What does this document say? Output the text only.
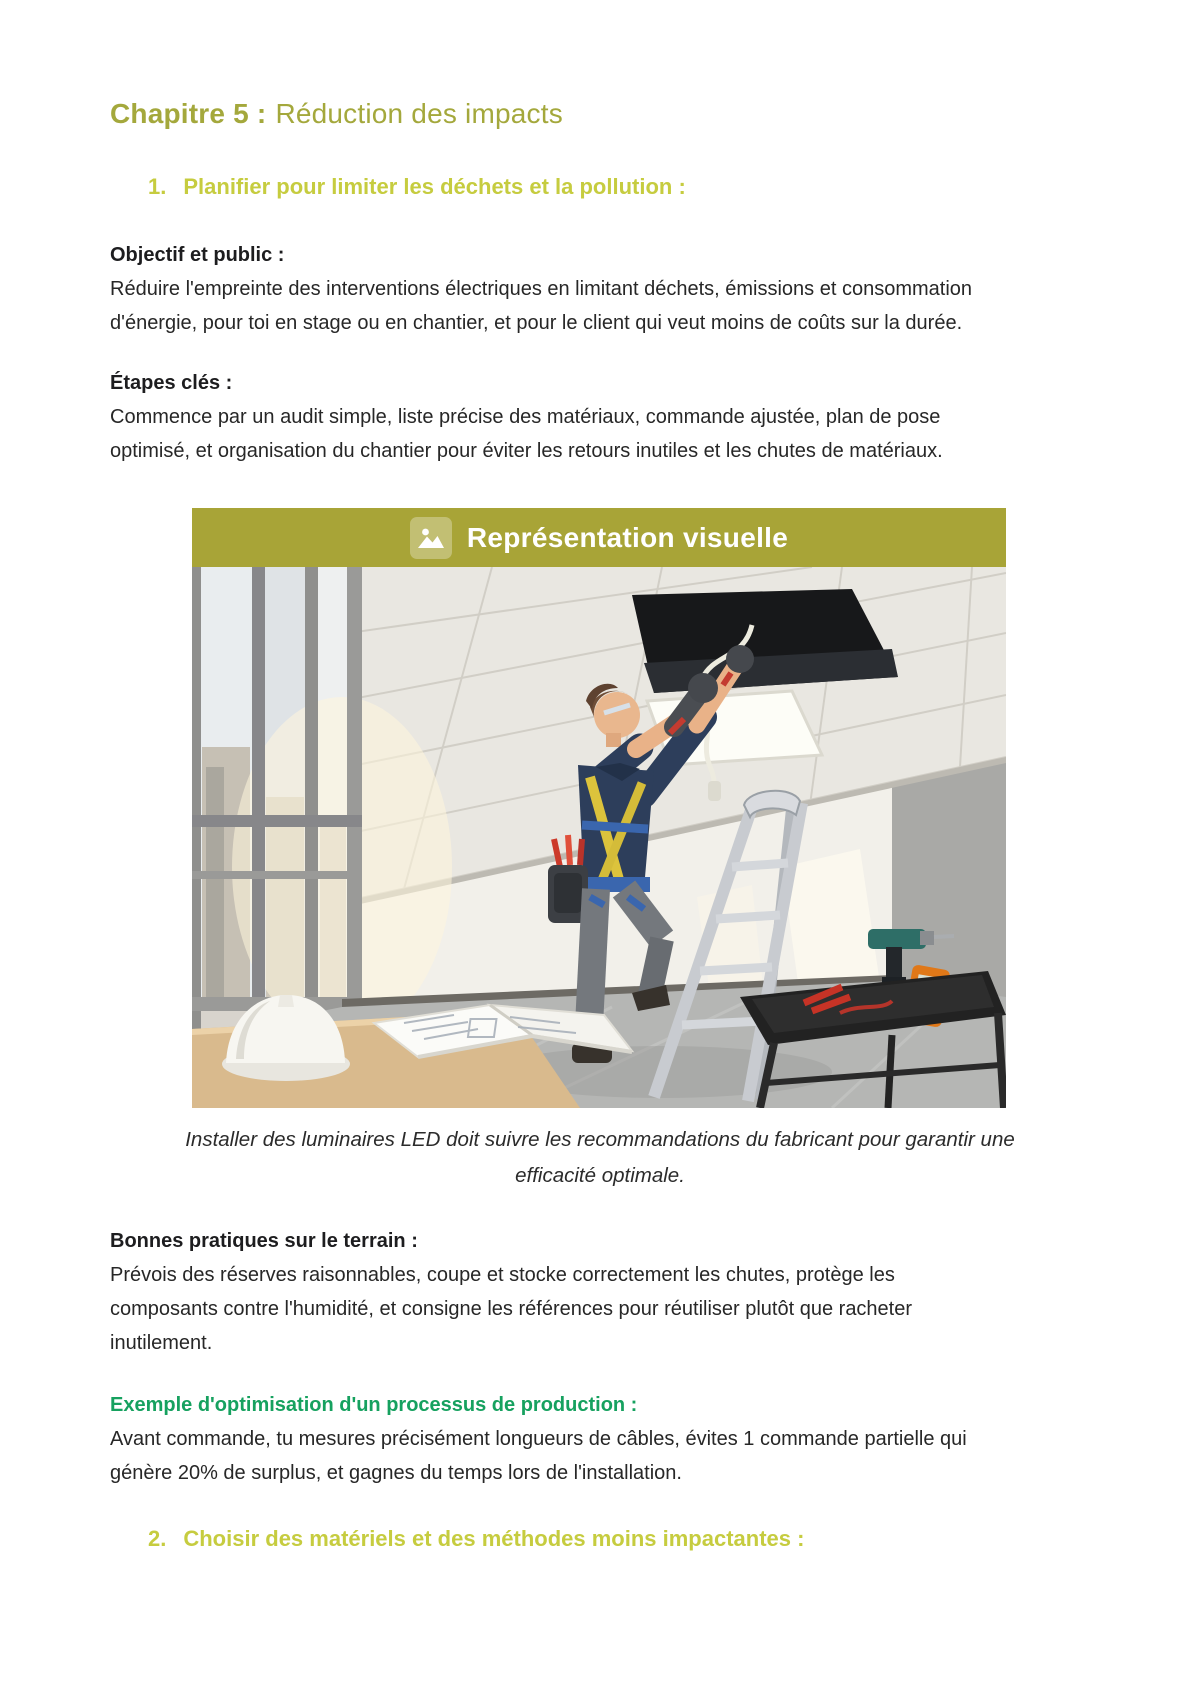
Chapitre 5 : Réduction des impacts
1. Planifier pour limiter les déchets et la pollution :

Objectif et public :

Réduire l'empreinte des interventions électriques en limitant déchets, émissions et consommation d'énergie, pour toi en stage ou en chantier, et pour le client qui veut moins de coûts sur la durée.

Étapes clés :

Commence par un audit simple, liste précise des matériaux, commande ajustée, plan de pose optimisé, et organisation du chantier pour éviter les retours inutiles et les chutes de matériaux.

Représentation visuelle
Installer des luminaires LED doit suivre les recommandations du fabricant pour garantir une efficacité optimale.

Bonnes pratiques sur le terrain :

Prévois des réserves raisonnables, coupe et stocke correctement les chutes, protège les composants contre l'humidité, et consigne les références pour réutiliser plutôt que racheter inutilement.

Exemple d'optimisation d'un processus de production :

Avant commande, tu mesures précisément longueurs de câbles, évites 1 commande partielle qui génère 20% de surplus, et gagnes du temps lors de l'installation.

2. Choisir des matériels et des méthodes moins impactantes :
